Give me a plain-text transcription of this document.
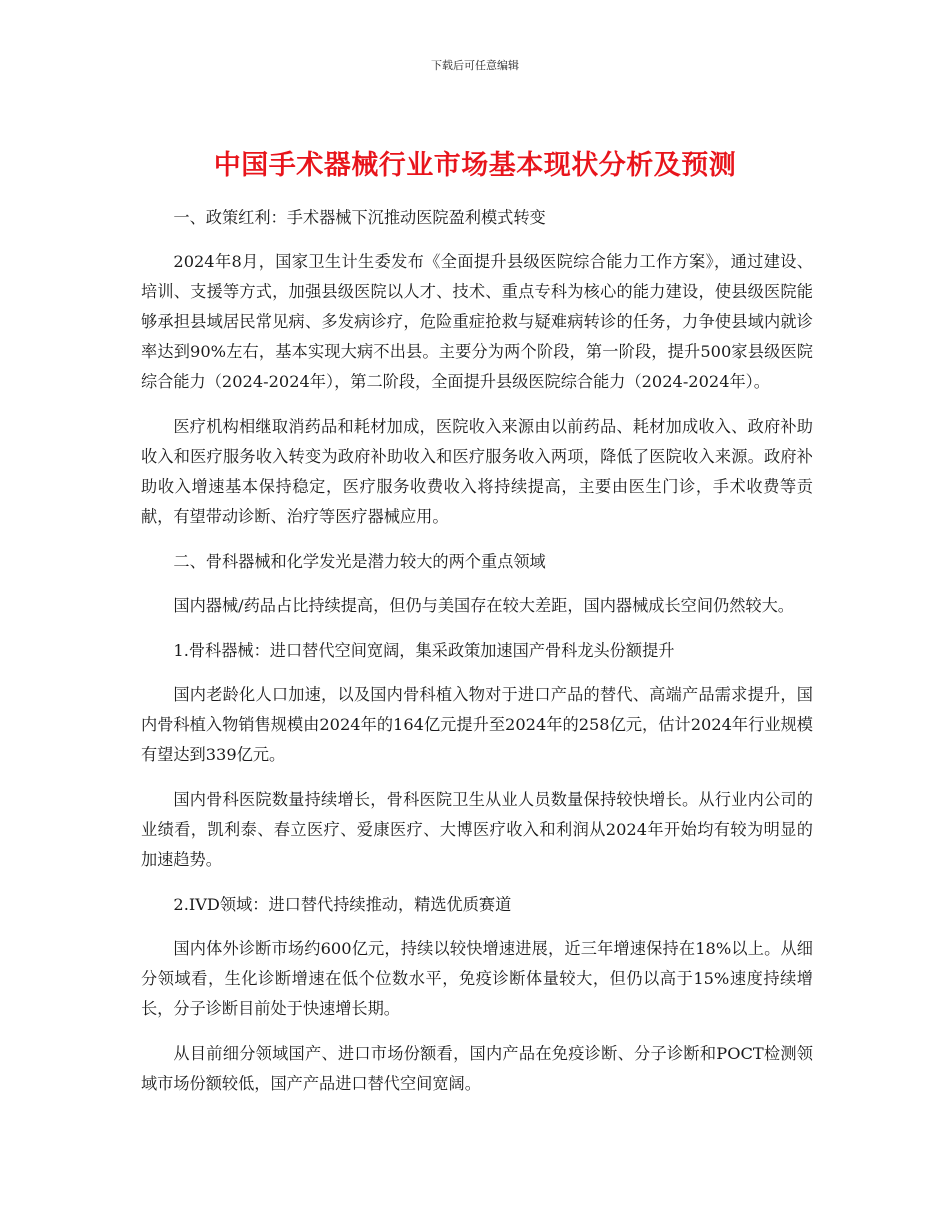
下载后可任意编辑
中国手术器械行业市场基本现状分析及预测

一、政策红利：手术器械下沉推动医院盈利模式转变

2024年8月，国家卫生计生委发布《全面提升县级医院综合能力工作方案》，通过建设、培训、支援等方式，加强县级医院以人才、技术、重点专科为核心的能力建设，使县级医院能够承担县域居民常见病、多发病诊疗，危险重症抢救与疑难病转诊的任务，力争使县域内就诊率达到90%左右，基本实现大病不出县。主要分为两个阶段，第一阶段，提升500家县级医院综合能力（2024-2024年），第二阶段，全面提升县级医院综合能力（2024-2024年）。

医疗机构相继取消药品和耗材加成，医院收入来源由以前药品、耗材加成收入、政府补助收入和医疗服务收入转变为政府补助收入和医疗服务收入两项，降低了医院收入来源。政府补助收入增速基本保持稳定，医疗服务收费收入将持续提高，主要由医生门诊，手术收费等贡献，有望带动诊断、治疗等医疗器械应用。

二、骨科器械和化学发光是潜力较大的两个重点领域

国内器械/药品占比持续提高，但仍与美国存在较大差距，国内器械成长空间仍然较大。

1.骨科器械：进口替代空间宽阔，集采政策加速国产骨科龙头份额提升

国内老龄化人口加速，以及国内骨科植入物对于进口产品的替代、高端产品需求提升，国内骨科植入物销售规模由2024年的164亿元提升至2024年的258亿元，估计2024年行业规模有望达到339亿元。

国内骨科医院数量持续增长，骨科医院卫生从业人员数量保持较快增长。从行业内公司的业绩看，凯利泰、春立医疗、爱康医疗、大博医疗收入和利润从2024年开始均有较为明显的加速趋势。

2.IVD领域：进口替代持续推动，精选优质赛道

国内体外诊断市场约600亿元，持续以较快增速进展，近三年增速保持在18%以上。从细分领域看，生化诊断增速在低个位数水平，免疫诊断体量较大，但仍以高于15%速度持续增长，分子诊断目前处于快速增长期。

从目前细分领域国产、进口市场份额看，国内产品在免疫诊断、分子诊断和POCT检测领域市场份额较低，国产产品进口替代空间宽阔。
